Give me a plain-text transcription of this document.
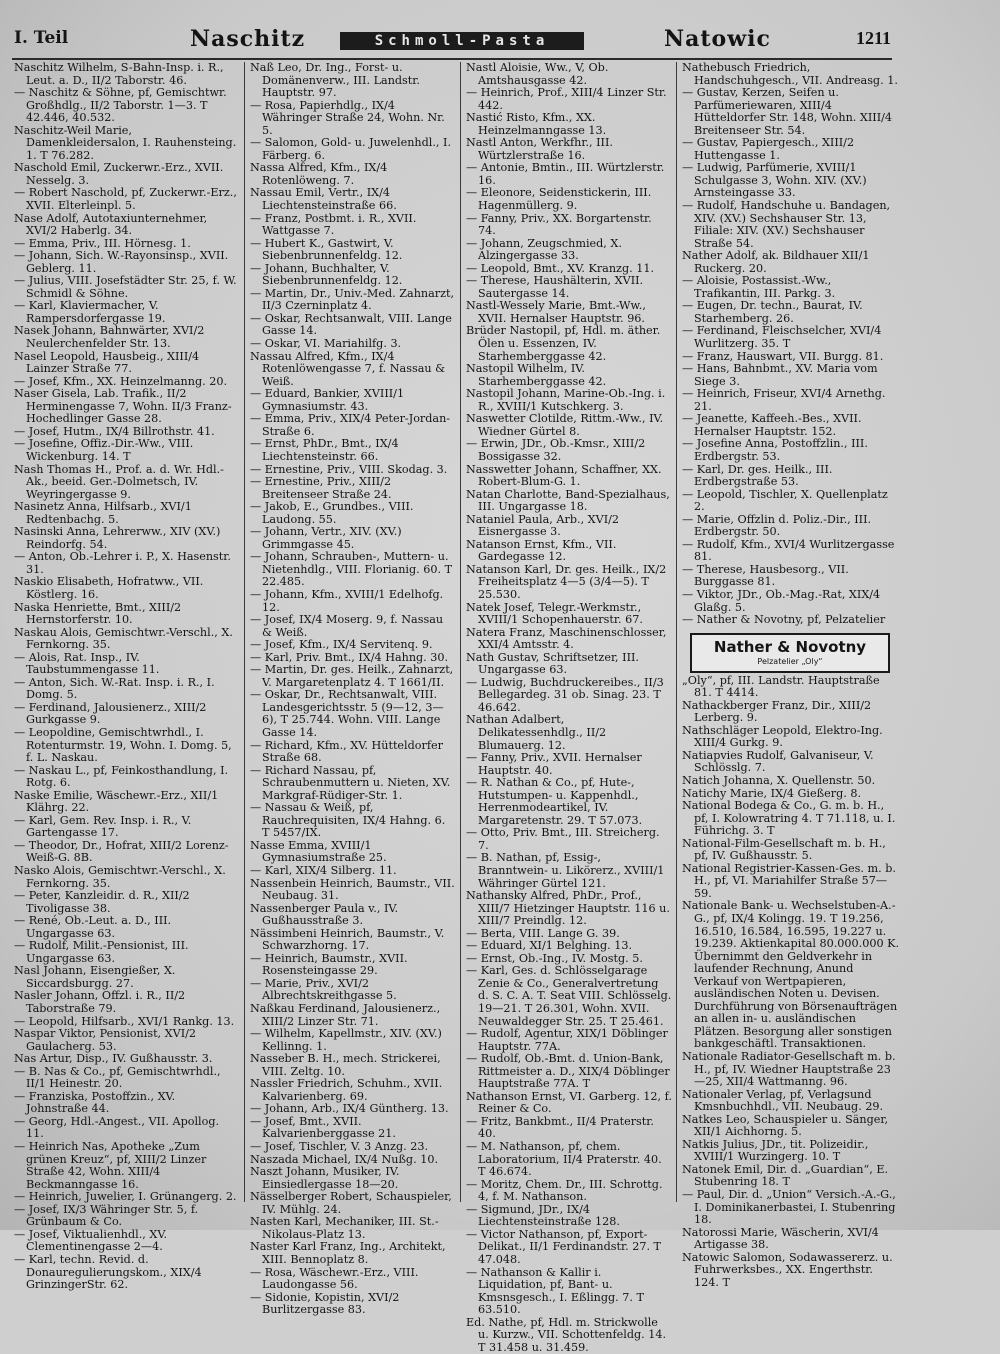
I. Teil	Naschitz	Schmoll-Pasta	Natowic	1211
Naschitz Wilhelm, S-Bahn-Insp. i. R., Leut. a. D., II/2 Taborstr. 46.
— Naschitz & Söhne, pf, Gemischtwr. Großhdlg., II/2 Taborstr. 1—3. T 42.446, 40.532.
Naschitz-Weil Marie, Damenkleidersalon, I. Rauhensteing. 1. T 76.282.
Naschold Emil, Zuckerwr.-Erz., XVII. Nesselg. 3.
— Robert Naschold, pf, Zuckerwr.-Erz., XVII. Elterleinpl. 5.
Nase Adolf, Autotaxiunternehmer, XVI/2 Haberlg. 34.
— Emma, Priv., III. Hörnesg. 1.
— Johann, Sich. W.-Rayonsinsp., XVII. Geblerg. 11.
— Julius, VIII. Josefstädter Str. 25, f. W. Schmidl & Söhne.
— Karl, Klaviermacher, V. Rampersdorfergasse 19.
Nasek Johann, Bahnwärter, XVI/2 Neulerchenfelder Str. 13.
Nasel Leopold, Hausbeig., XIII/4 Lainzer Straße 77.
— Josef, Kfm., XX. Heinzelmanng. 20.
Naser Gisela, Lab. Trafik., II/2 Herminengasse 7, Wohn. II/3 Franz-Hochedlinger Gasse 28.
— Josef, Hutm., IX/4 Billrothstr. 41.
— Josefine, Offiz.-Dir.-Ww., VIII. Wickenburg. 14. T
Nash Thomas H., Prof. a. d. Wr. Hdl.-Ak., beeid. Ger.-Dolmetsch, IV. Weyringergasse 9.
Nasinetz Anna, Hilfsarb., XVI/1 Redtenbachg. 5.
Nasinski Anna, Lehrerww., XIV (XV.) Reindorfg. 54.
— Anton, Ob.-Lehrer i. P., X. Hasenstr. 31.
Naskio Elisabeth, Hofratww., VII. Köstlerg. 16.
Naska Henriette, Bmt., XIII/2 Hernstorferstr. 10.
Naskau Alois, Gemischtwr.-Verschl., X. Fernkorng. 35.
— Alois, Rat. Insp., IV. Taubstummengasse 11.
— Anton, Sich. W.-Rat. Insp. i. R., I. Domg. 5.
— Ferdinand, Jalousienerz., XIII/2 Gurkgasse 9.
— Leopoldine, Gemischtwrhdl., I. Rotenturmstr. 19, Wohn. I. Domg. 5, f. L. Naskau.
— Naskau L., pf, Feinkosthandlung, I. Rotg. 6.
Naske Emilie, Wäschewr.-Erz., XII/1 Klährg. 22.
— Karl, Gem. Rev. Insp. i. R., V. Gartengasse 17.
— Theodor, Dr., Hofrat, XIII/2 Lorenz-Weiß-G. 8B.
Nasko Alois, Gemischtwr.-Verschl., X. Fernkorng. 35.
— Peter, Kanzleidir. d. R., XII/2 Tivoligasse 38.
— René, Ob.-Leut. a. D., III. Ungargasse 63.
— Rudolf, Milit.-Pensionist, III. Ungargasse 63.
Nasl Johann, Eisengießer, X. Siccardsburgg. 27.
Nasler Johann, Offzl. i. R., II/2 Taborstraße 79.
— Leopold, Hilfsarb., XVI/1 Rankg. 13.
Naspar Viktor, Pensionist, XVI/2 Gaulacherg. 53.
Nas Artur, Disp., IV. Gußhausstr. 3.
— B. Nas & Co., pf, Gemischtwrhdl., II/1 Heinestr. 20.
— Franziska, Postoffzin., XV. Johnstraße 44.
— Georg, Hdl.-Angest., VII. Apollog. 11.
— Heinrich Nas, Apotheke „Zum grünen Kreuz“, pf, XIII/2 Linzer Straße 42, Wohn. XIII/4 Beckmanngasse 16.
— Heinrich, Juwelier, I. Grünangerg. 2.
— Josef, IX/3 Währinger Str. 5, f. Grünbaum & Co.
— Josef, Viktualienhdl., XV. Clementinengasse 2—4.
— Karl, techn. Revid. d. Donauregulierungskom., XIX/4 GrinzingerStr. 62.
Naß Leo, Dr. Ing., Forst- u. Domänenverw., III. Landstr. Hauptstr. 97.
— Rosa, Papierhdlg., IX/4 Währinger Straße 24, Wohn. Nr. 5.
— Salomon, Gold- u. Juwelenhdl., I. Färberg. 6.
Nassa Alfred, Kfm., IX/4 Rotenlöweng. 7.
Nassau Emil, Vertr., IX/4 Liechtensteinstraße 66.
— Franz, Postbmt. i. R., XVII. Wattgasse 7.
— Hubert K., Gastwirt, V. Siebenbrunnenfeldg. 12.
— Johann, Buchhalter, V. Siebenbrunnenfeldg. 12.
— Martin, Dr., Univ.-Med. Zahnarzt, II/3 Czerninplatz 4.
— Oskar, Rechtsanwalt, VIII. Lange Gasse 14.
— Oskar, VI. Mariahilfg. 3.
Nassau Alfred, Kfm., IX/4 Rotenlöwengasse 7, f. Nassau & Weiß.
— Eduard, Bankier, XVIII/1 Gymnasiumstr. 43.
— Emma, Priv., XIX/4 Peter-Jordan-Straße 6.
— Ernst, PhDr., Bmt., IX/4 Liechtensteinstr. 66.
— Ernestine, Priv., VIII. Skodag. 3.
— Ernestine, Priv., XIII/2 Breitenseer Straße 24.
— Jakob, E., Grundbes., VIII. Laudong. 55.
— Johann, Vertr., XIV. (XV.) Grimmgasse 45.
— Johann, Schrauben-, Muttern- u. Nietenhdlg., VIII. Florianig. 60. T 22.485.
— Johann, Kfm., XVIII/1 Edelhofg. 12.
— Josef, IX/4 Moserg. 9, f. Nassau & Weiß.
— Josef, Kfm., IX/4 Servitenq. 9.
— Karl, Priv. Bmt., IX/4 Hahng. 30.
— Martin, Dr. ges. Heilk., Zahnarzt, V. Margaretenplatz 4. T 1661/II.
— Oskar, Dr., Rechtsanwalt, VIII. Landesgerichtsstr. 5 (9—12, 3—6), T 25.744. Wohn. VIII. Lange Gasse 14.
— Richard, Kfm., XV. Hütteldorfer Straße 68.
— Richard Nassau, pf, Schraubenmuttern u. Nieten, XV. Markgraf-Rüdiger-Str. 1.
— Nassau & Weiß, pf, Rauchrequisiten, IX/4 Hahng. 6. T 5457/IX.
Nasse Emma, XVIII/1 Gymnasiumstraße 25.
— Karl, XIX/4 Silberg. 11.
Nassenbein Heinrich, Baumstr., VII. Neubaug. 31.
Nassenberger Paula v., IV. Gußhausstraße 3.
Nässimbeni Heinrich, Baumstr., V. Schwarzhorng. 17.
— Heinrich, Baumstr., XVII. Rosensteingasse 29.
— Marie, Priv., XVI/2 Albrechtskreithgasse 5.
Naßkau Ferdinand, Jalousienerz., XIII/2 Linzer Str. 71.
— Wilhelm, Kapellmstr., XIV. (XV.) Kellinng. 1.
Nasseber B. H., mech. Strickerei, VIII. Zeltg. 10.
Nassler Friedrich, Schuhm., XVII. Kalvarienberg. 69.
— Johann, Arb., IX/4 Güntherg. 13.
— Josef, Bmt., XVII. Kalvarienberggasse 21.
— Josef, Tischler, V. 3 Anzg. 23.
Naszada Michael, IX/4 Nußg. 10.
Naszt Johann, Musiker, IV. Einsiedlergasse 18—20.
Nässelberger Robert, Schauspieler, IV. Mühlg. 24.
Nasten Karl, Mechaniker, III. St.-Nikolaus-Platz 13.
Naster Karl Franz, Ing., Architekt, XIII. Bennoplatz 8.
— Rosa, Wäschewr.-Erz., VIII. Laudongasse 56.
— Sidonie, Kopistin, XVI/2 Burlitzergasse 83.
Nastl Aloisie, Ww., V, Ob. Amtshausgasse 42.
— Heinrich, Prof., XIII/4 Linzer Str. 442.
Nastić Risto, Kfm., XX. Heinzelmanngasse 13.
Nastl Anton, Werkfhr., III. Würtzlerstraße 16.
— Antonie, Bmtin., III. Würtzlerstr. 16.
— Eleonore, Seidenstickerin, III. Hagenmüllerg. 9.
— Fanny, Priv., XX. Borgartenstr. 74.
— Johann, Zeugschmied, X. Alzingergasse 33.
— Leopold, Bmt., XV. Kranzg. 11.
— Therese, Haushälterin, XVII. Sautergasse 14.
Nastl-Wessely Marie, Bmt.-Ww., XVII. Hernalser Hauptstr. 96.
Brüder Nastopil, pf, Hdl. m. äther. Ölen u. Essenzen, IV. Starhemberggasse 42.
Nastopil Wilhelm, IV. Starhemberggasse 42.
Nastopil Johann, Marine-Ob.-Ing. i. R., XVIII/1 Kutschkerg. 3.
Naswetter Clotilde, Rittm.-Ww., IV. Wiedner Gürtel 8.
— Erwin, JDr., Ob.-Kmsr., XIII/2 Bossigasse 32.
Nasswetter Johann, Schaffner, XX. Robert-Blum-G. 1.
Natan Charlotte, Band-Spezialhaus, III. Ungargasse 18.
Nataniel Paula, Arb., XVI/2 Eisnergasse 3.
Natanson Ernst, Kfm., VII. Gardegasse 12.
Natanson Karl, Dr. ges. Heilk., IX/2 Freiheitsplatz 4—5 (3/4—5). T 25.530.
Natek Josef, Telegr.-Werkmstr., XVIII/1 Schopenhauerstr. 67.
Natera Franz, Maschinenschlosser, XXI/4 Amtsstr. 4.
Nath Gustav, Schriftsetzer, III. Ungargasse 63.
— Ludwig, Buchdruckereibes., II/3 Bellegardeg. 31 ob. Sinag. 23. T 46.642.
Nathan Adalbert, Delikatessenhdlg., II/2 Blumauerg. 12.
— Fanny, Priv., XVII. Hernalser Hauptstr. 40.
— R. Nathan & Co., pf, Hute-, Hutstumpen- u. Kappenhdl., Herrenmodeartikel, IV. Margaretenstr. 29. T 57.073.
— Otto, Priv. Bmt., III. Streicherg. 7.
— B. Nathan, pf, Essig-, Branntwein- u. Likörerz., XVIII/1 Währinger Gürtel 121.
Nathansky Alfred, PhDr., Prof., XIII/7 Hietzinger Hauptstr. 116 u. XIII/7 Preindlg. 12.
— Berta, VIII. Lange G. 39.
— Eduard, XI/1 Belghing. 13.
— Ernst, Ob.-Ing., IV. Mostg. 5.
— Karl, Ges. d. Schlösselgarage Zenie & Co., Generalvertretung d. S. C. A. T. Seat VIII. Schlösselg. 19—21. T 26.301, Wohn. XVII. Neuwaldegger Str. 25. T 25.461.
— Rudolf, Agentur, XIX/1 Döblinger Hauptstr. 77A.
— Rudolf, Ob.-Bmt. d. Union-Bank, Rittmeister a. D., XIX/4 Döblinger Hauptstraße 77A. T
Nathanson Ernst, VI. Garberg. 12, f. Reiner & Co.
— Fritz, Bankbmt., II/4 Praterstr. 40.
— M. Nathanson, pf, chem. Laboratorium, II/4 Praterstr. 40. T 46.674.
— Moritz, Chem. Dr., III. Schrottg. 4, f. M. Nathanson.
— Sigmund, JDr., IX/4 Liechtensteinstraße 128.
— Victor Nathanson, pf, Export-Delikat., II/1 Ferdinandstr. 27. T 47.048.
— Nathanson & Kallir i. Liquidation, pf, Bant- u. Kmsnsgesch., I. Eßlingg. 7. T 63.510.
Ed. Nathe, pf, Hdl. m. Strickwolle u. Kurzw., VII. Schottenfeldg. 14. T 31.458 u. 31.459.
Nathebusch Friedrich, Handschuhgesch., VII. Andreasg. 1.
— Gustav, Kerzen, Seifen u. Parfümeriewaren, XIII/4 Hütteldorfer Str. 148, Wohn. XIII/4 Breitenseer Str. 54.
— Gustav, Papiergesch., XIII/2 Huttengasse 1.
— Ludwig, Parfümerie, XVIII/1 Schulgasse 3, Wohn. XIV. (XV.) Arnsteingasse 33.
— Rudolf, Handschuhe u. Bandagen, XIV. (XV.) Sechshauser Str. 13, Filiale: XIV. (XV.) Sechshauser Straße 54.
Nather Adolf, ak. Bildhauer XII/1 Ruckerg. 20.
— Aloisie, Postassist.-Ww., Trafikantin, III. Parkg. 3.
— Eugen, Dr. techn., Baurat, IV. Starhemberg. 26.
— Ferdinand, Fleischselcher, XVI/4 Wurlitzerg. 35. T
— Franz, Hauswart, VII. Burgg. 81.
— Hans, Bahnbmt., XV. Maria vom Siege 3.
— Heinrich, Friseur, XVI/4 Arnethg. 21.
— Jeanette, Kaffeeh.-Bes., XVII. Hernalser Hauptstr. 152.
— Josefine Anna, Postoffzlin., III. Erdbergstr. 53.
— Karl, Dr. ges. Heilk., III. Erdbergstraße 53.
— Leopold, Tischler, X. Quellenplatz 2.
— Marie, Offzlin d. Poliz.-Dir., III. Erdbergstr. 50.
— Rudolf, Kfm., XVI/4 Wurlitzergasse 81.
— Therese, Hausbesorg., VII. Burggasse 81.
— Viktor, JDr., Ob.-Mag.-Rat, XIX/4 Glaßg. 5.
— Nather & Novotny, pf, Pelzatelier
Nather & Novotny
Pelzatelier „Oly“
„Oly“, pf, III. Landstr. Hauptstraße 81. T 4414.
Nathackberger Franz, Dir., XIII/2 Lerberg. 9.
Nathschläger Leopold, Elektro-Ing. XIII/4 Gurkg. 9.
Natiapvies Rudolf, Galvaniseur, V. Schlösslg. 7.
Natich Johanna, X. Quellenstr. 50.
Natichy Marie, IX/4 Gießerg. 8.
National Bodega & Co., G. m. b. H., pf, I. Kolowratring 4. T 71.118, u. I. Führichg. 3. T
National-Film-Gesellschaft m. b. H., pf, IV. Gußhausstr. 5.
National Registrier-Kassen-Ges. m. b. H., pf, VI. Mariahilfer Straße 57—59.
Nationale Bank- u. Wechselstuben-A.-G., pf, IX/4 Kolingg. 19. T 19.256, 16.510, 16.584, 16.595, 19.227 u. 19.239. Aktienkapital 80.000.000 K. Übernimmt den Geldverkehr in laufender Rechnung, Anund Verkauf von Wertpapieren, ausländischen Noten u. Devisen. Durchführung von Börsenaufträgen an allen in- u. ausländischen Plätzen. Besorgung aller sonstigen bankgeschäftl. Transaktionen.
Nationale Radiator-Gesellschaft m. b. H., pf, IV. Wiedner Hauptstraße 23—25, XII/4 Wattmanng. 96.
Nationaler Verlag, pf, Verlagsund Kmsnbuchhdl., VII. Neubaug. 29.
Natkes Leo, Schauspieler u. Sänger, XII/1 Aichhorng. 5.
Natkis Julius, JDr., tit. Polizeidir., XVIII/1 Wurzingerg. 10. T
Natonek Emil, Dir. d. „Guardian“, E. Stubenring 18. T
— Paul, Dir. d. „Union“ Versich.-A.-G., I. Dominikanerbastei, I. Stubenring 18.
Natorossi Marie, Wäscherin, XVI/4 Artigasse 38.
Natowic Salomon, Sodawassererz. u. Fuhrwerksbes., XX. Engerthstr. 124. T
